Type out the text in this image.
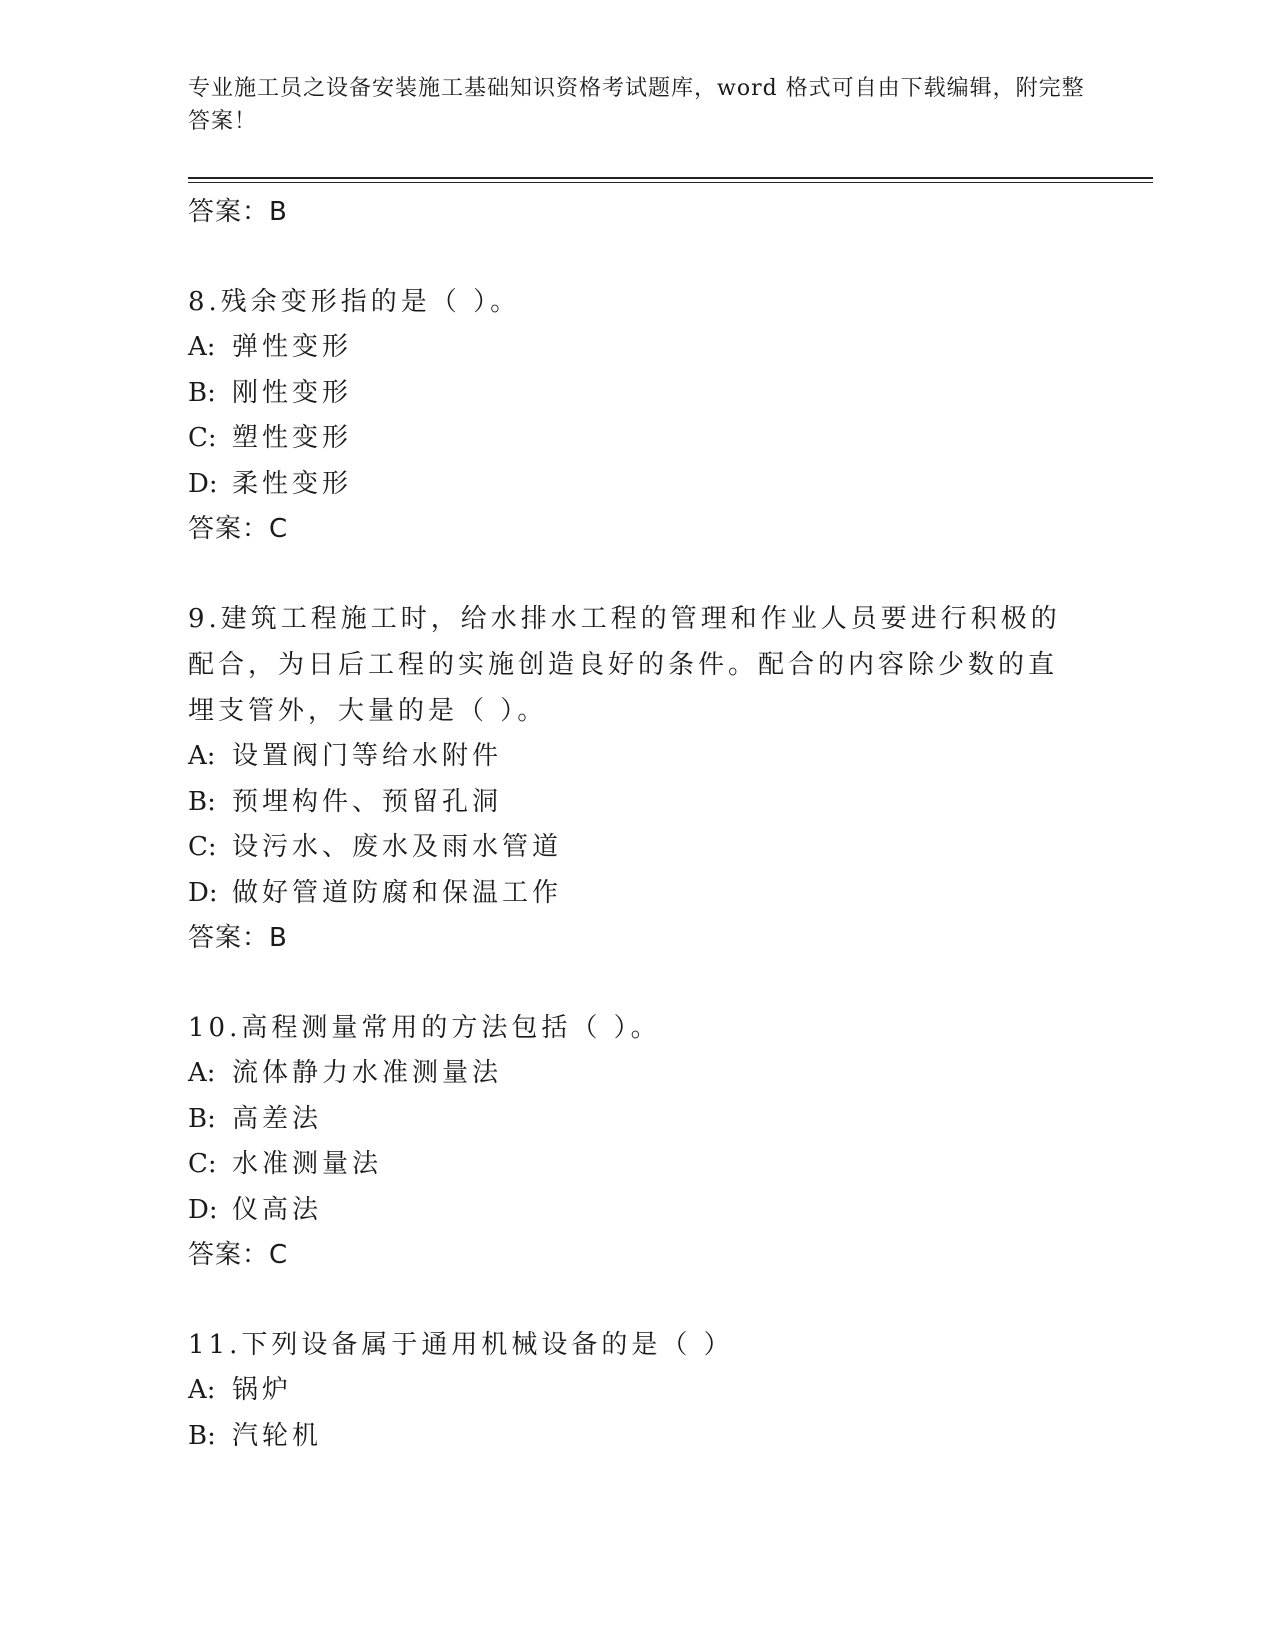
专业施工员之设备安装施工基础知识资格考试题库，word 格式可自由下载编辑，附完整答案！
答案：B

8.残余变形指的是（ ）。

A: 弹性变形
B: 刚性变形
C: 塑性变形
D: 柔性变形
答案：C

9.建筑工程施工时，给水排水工程的管理和作业人员要进行积极的配合，为日后工程的实施创造良好的条件。配合的内容除少数的直埋支管外，大量的是（ ）。

A: 设置阀门等给水附件
B: 预埋构件、预留孔洞
C: 设污水、废水及雨水管道
D: 做好管道防腐和保温工作
答案：B

10.高程测量常用的方法包括（ ）。

A: 流体静力水准测量法
B: 高差法
C: 水准测量法
D: 仪高法
答案：C

11.下列设备属于通用机械设备的是（ ）

A: 锅炉
B: 汽轮机
